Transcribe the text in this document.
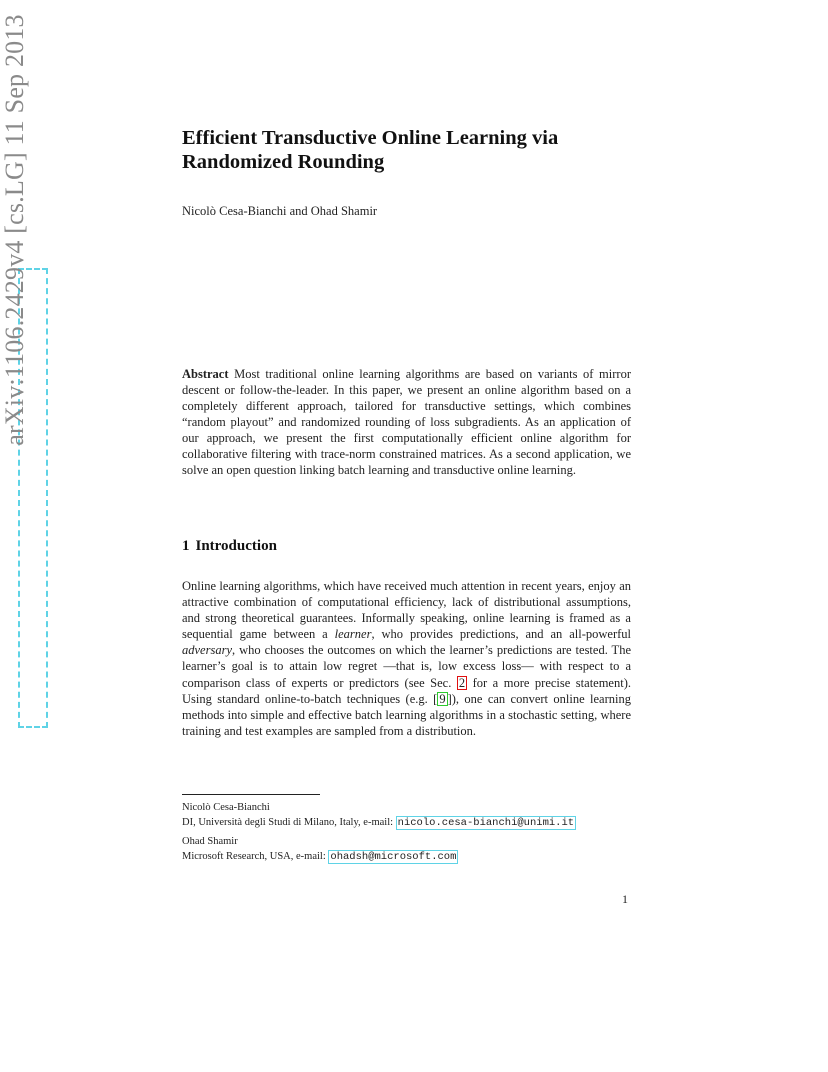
arXiv:1106.2429v4 [cs.LG] 11 Sep 2013	Efficient Transductive Online Learning via
Randomized Rounding
Nicolò Cesa-Bianchi and Ohad Shamir
Abstract Most traditional online learning algorithms are based on variants of mirror descent or follow-the-leader. In this paper, we present an online algorithm based on a completely different approach, tailored for transductive settings, which combines “random playout” and randomized rounding of loss subgradients. As an application of our approach, we present the first computationally efficient online algorithm for collaborative filtering with trace-norm constrained matrices. As a second application, we solve an open question linking batch learning and transductive online learning.
1 Introduction
Online learning algorithms, which have received much attention in recent years, enjoy an attractive combination of computational efficiency, lack of distributional assumptions, and strong theoretical guarantees. Informally speaking, online learning is framed as a sequential game between a learner, who provides predictions, and an all-powerful adversary, who chooses the outcomes on which the learner’s predictions are tested. The learner’s goal is to attain low regret —that is, low excess loss— with respect to a comparison class of experts or predictors (see Sec. 2 for a more precise statement). Using standard online-to-batch techniques (e.g. [ 9 ]), one can convert online learning methods into simple and effective batch learning algorithms in a stochastic setting, where training and test examples are sampled from a distribution.
Nicolò Cesa-Bianchi
DI, Università degli Studi di Milano, Italy, e-mail: nicolo.cesa-bianchi@unimi.it
Ohad Shamir
Microsoft Research, USA, e-mail: ohadsh@microsoft.com
1
